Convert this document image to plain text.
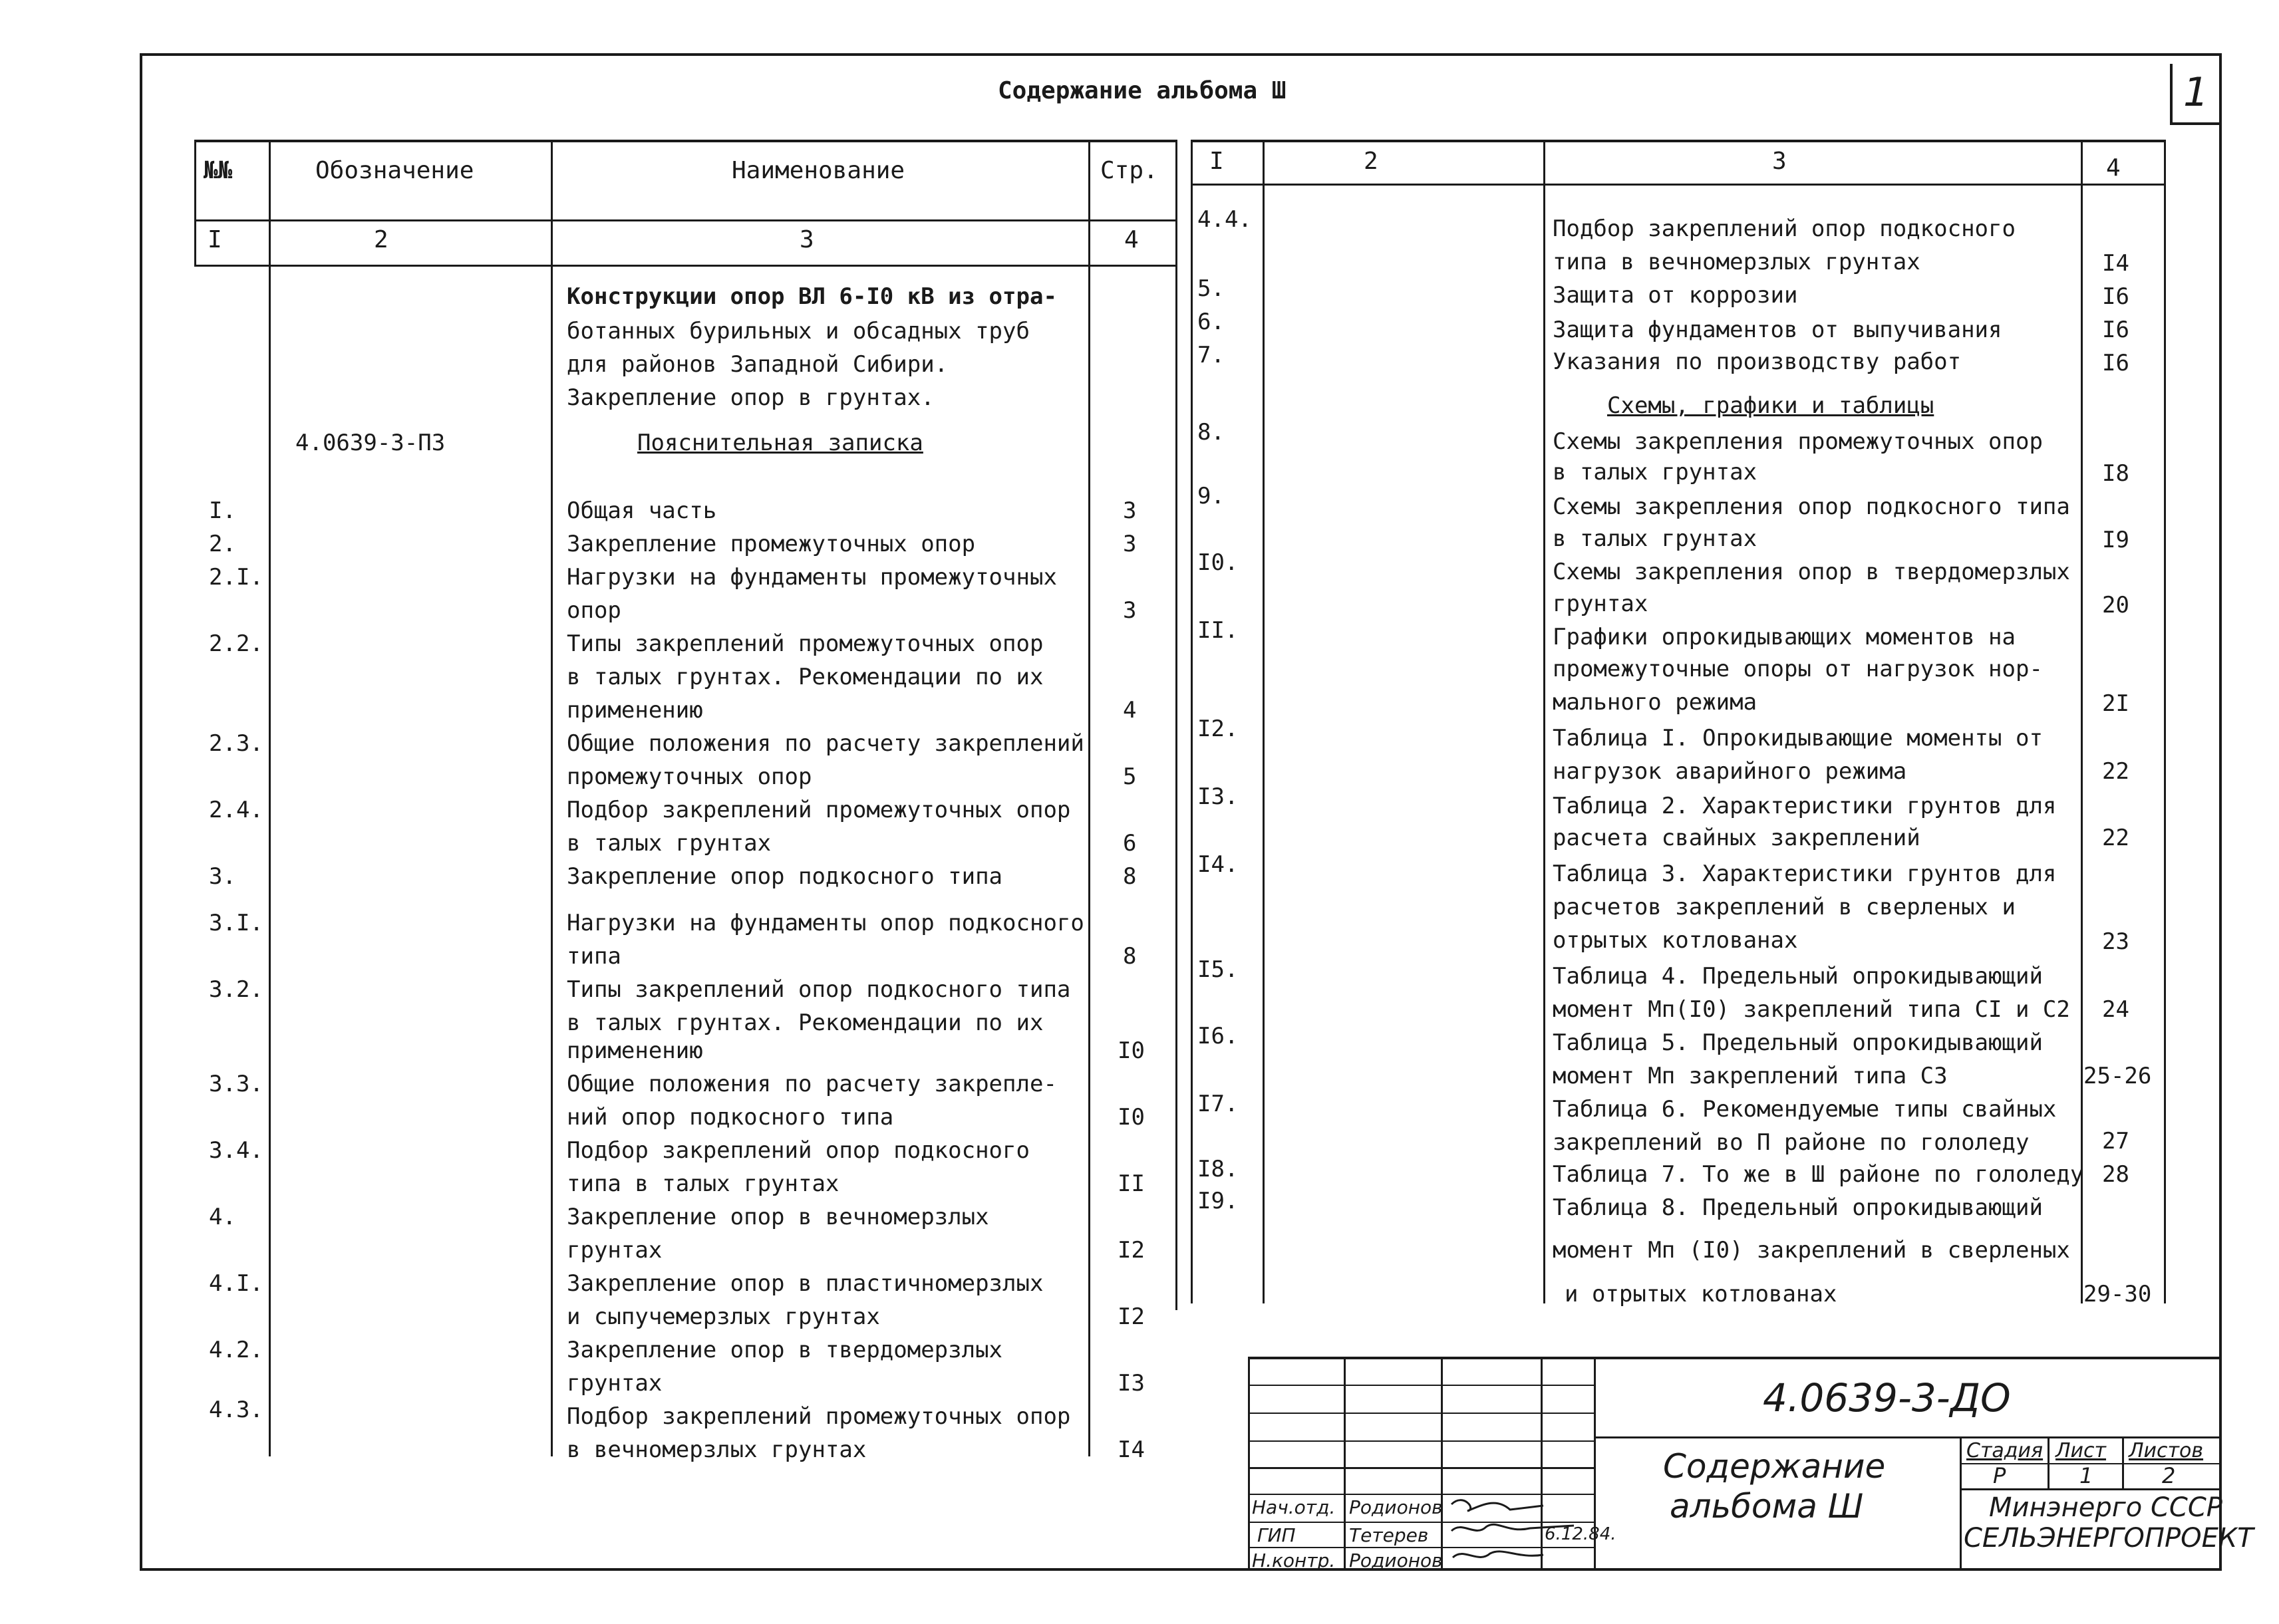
1
Содержание альбома Ш
№№	Обозначение	Наименование	Стр.
I	2	3	4
Конструкции опор ВЛ 6-I0 кВ из отра-
ботанных бурильных и обсадных труб
для районов Западной Сибири.
Закрепление опор в грунтах.
4.0639-3-ПЗ	Пояснительная записка
I.	Общая часть	3
2.	Закрепление промежуточных опор	3
2.I.	Нагрузки на фундаменты промежуточных
опор	3
2.2.	Типы закреплений промежуточных опор
в талых грунтах. Рекомендации по их
применению	4
2.3.	Общие положения по расчету закреплений
промежуточных опор	5
2.4.	Подбор закреплений промежуточных опор
в талых грунтах	6
3.	Закрепление опор подкосного типа	8
3.I.	Нагрузки на фундаменты опор подкосного
типа	8
3.2.	Типы закреплений опор подкосного типа
в талых грунтах. Рекомендации по их
применению	I0
3.3.	Общие положения по расчету закрепле-
ний опор подкосного типа	I0
3.4.	Подбор закреплений опор подкосного
типа в талых грунтах	II
4.	Закрепление опор в вечномерзлых
грунтах	I2
4.I.	Закрепление опор в пластичномерзлых
и сыпучемерзлых грунтах	I2
4.2.	Закрепление опор в твердомерзлых
грунтах	I3
4.3.	Подбор закреплений промежуточных опор
в вечномерзлых грунтах	I4
I	2	3	4
4.4.	Подбор закреплений опор подкосного
типа в вечномерзлых грунтах	I4
5.	Защита от коррозии	I6
6.	Защита фундаментов от выпучивания	I6
7.	Указания по производству работ	I6
Схемы, графики и таблицы
8.	Схемы закрепления промежуточных опор
в талых грунтах	I8
9.	Схемы закрепления опор подкосного типа
в талых грунтах	I9
I0.	Схемы закрепления опор в твердомерзлых
грунтах	20
II.	Графики опрокидывающих моментов на
промежуточные опоры от нагрузок нор-
мального режима	2I
I2.	Таблица I. Опрокидывающие моменты от
нагрузок аварийного режима	22
I3.	Таблица 2. Характеристики грунтов для
расчета свайных закреплений	22
I4.	Таблица 3. Характеристики грунтов для
расчетов закреплений в сверленых и
отрытых котлованах	23
I5.	Таблица 4. Предельный опрокидывающий
момент Мп(I0) закреплений типа СI и С2 24
I6.	Таблица 5. Предельный опрокидывающий
момент Мп закреплений типа С3	25-26
I7.	Таблица 6. Рекомендуемые типы свайных
закреплений во П районе по гололеду	27
I8.	Таблица 7. То же в Ш районе по гололеду 28
I9.	Таблица 8. Предельный опрокидывающий
момент Мп (I0) закреплений в сверленых
и отрытых котлованах	29-30
4.0639-3-ДО
Содержание
альбома Ш
Стадия Лист Листов
Р	1	2
Минэнерго СССР
СЕЛЬЭНЕРГОПРОЕКТ
Нач.отд. Родионов
ГИП	Тетерев	6.12.84.
Н.контр. Родионов
